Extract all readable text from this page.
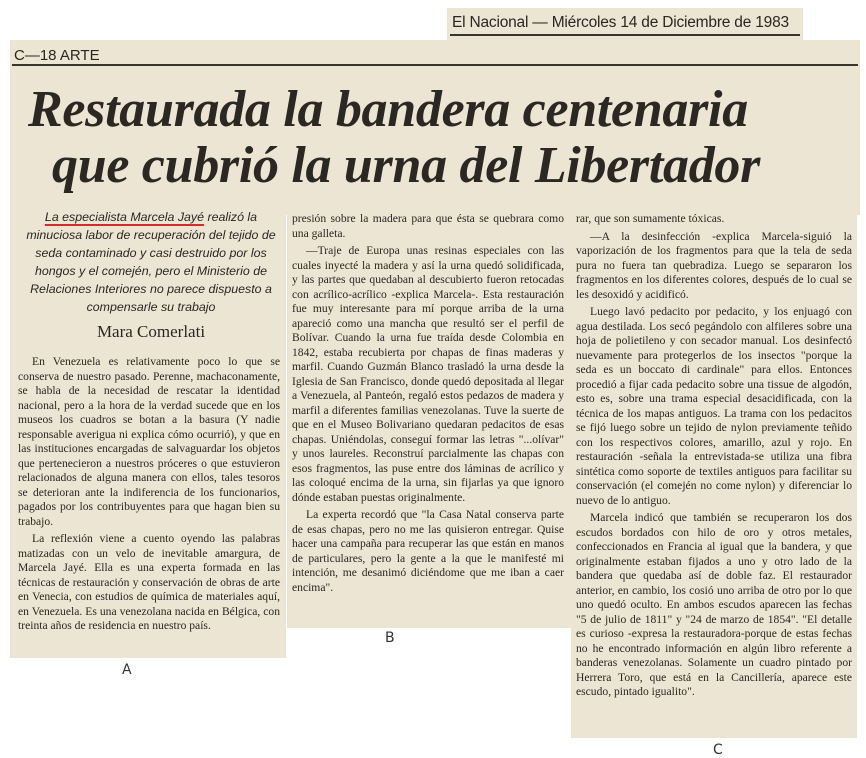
El Nacional — Miércoles 14 de Diciembre de 1983
C—18 ARTE
Restaurada la bandera centenaria
que cubrió la urna del Libertador
La especialista Marcela Jayé realizó la minuciosa labor de recuperación del tejido de seda contaminado y casi destruido por los hongos y el comején, pero el Ministerio de Relaciones Interiores no parece dispuesto a compensarle su trabajo
Mara Comerlati

En Venezuela es relativamente poco lo que se conserva de nuestro pasado. Perenne, machaconamente, se habla de la necesidad de rescatar la identidad nacional, pero a la hora de la verdad sucede que en los museos los cuadros se botan a la basura (Y nadie responsable averigua ni explica cómo ocurrió), y que en las instituciones encargadas de salvaguardar los objetos que pertenecieron a nuestros próceres o que estuvieron relacionados de alguna manera con ellos, tales tesoros se deterioran ante la indiferencia de los funcionarios, pagados por los contribuyentes para que hagan bien su trabajo.

La reflexión viene a cuento oyendo las palabras matizadas con un velo de inevitable amargura, de Marcela Jayé. Ella es una experta formada en las técnicas de restauración y conservación de obras de arte en Venecia, con estudios de química de materiales aquí, en Venezuela. Es una venezolana nacida en Bélgica, con treinta años de residencia en nuestro país.

presión sobre la madera para que ésta se quebrara como una galleta.

—Traje de Europa unas resinas especiales con las cuales inyecté la madera y así la urna quedó solidificada, y las partes que quedaban al descubierto fueron retocadas con acrílico-acrílico -explica Marcela-. Esta restauración fue muy interesante para mí porque arriba de la urna apareció como una mancha que resultó ser el perfil de Bolívar. Cuando la urna fue traída desde Colombia en 1842, estaba recubierta por chapas de finas maderas y marfil. Cuando Guzmán Blanco trasladó la urna desde la Iglesia de San Francisco, donde quedó depositada al llegar a Venezuela, al Panteón, regaló estos pedazos de madera y marfil a diferentes familias venezolanas. Tuve la suerte de que en el Museo Bolivariano quedaran pedacitos de esas chapas. Uniéndolas, conseguí formar las letras "...olívar" y unos laureles. Reconstruí parcialmente las chapas con esos fragmentos, las puse entre dos láminas de acrílico y las coloqué encima de la urna, sin fijarlas ya que ignoro dónde estaban puestas originalmente.

La experta recordó que "la Casa Natal conserva parte de esas chapas, pero no me las quisieron entregar. Quise hacer una campaña para recuperar las que están en manos de particulares, pero la gente a la que le manifesté mi intención, me desanimó diciéndome que me iban a caer encima".

rar, que son sumamente tóxicas.

—A la desinfección -explica Marcela-siguió la vaporización de los fragmentos para que la tela de seda pura no fuera tan quebradiza. Luego se separaron los fragmentos en los diferentes colores, después de lo cual se les desoxidó y acidificó.

Luego lavó pedacito por pedacito, y los enjuagó con agua destilada. Los secó pegándolo con alfileres sobre una hoja de polietileno y con secador manual. Los desinfectó nuevamente para protegerlos de los insectos "porque la seda es un boccato di cardinale" para ellos. Entonces procedió a fijar cada pedacito sobre una tissue de algodón, esto es, sobre una trama especial desacidificada, con la técnica de los mapas antiguos. La trama con los pedacitos se fijó luego sobre un tejido de nylon previamente teñido con los respectivos colores, amarillo, azul y rojo. En restauración -señala la entrevistada-se utiliza una fibra sintética como soporte de textiles antiguos para facilitar su conservación (el comején no come nylon) y diferenciar lo nuevo de lo antiguo.

Marcela indicó que también se recuperaron los dos escudos bordados con hilo de oro y otros metales, confeccionados en Francia al igual que la bandera, y que originalmente estaban fijados a uno y otro lado de la bandera que quedaba así de doble faz. El restaurador anterior, en cambio, los cosió uno arriba de otro por lo que uno quedó oculto. En ambos escudos aparecen las fechas "5 de julio de 1811" y "24 de marzo de 1854". "El detalle es curioso -expresa la restauradora-porque de estas fechas no he encontrado información en algún libro referente a banderas venezolanas. Solamente un cuadro pintado por Herrera Toro, que está en la Cancillería, aparece este escudo, pintado igualito".

A
B
C
